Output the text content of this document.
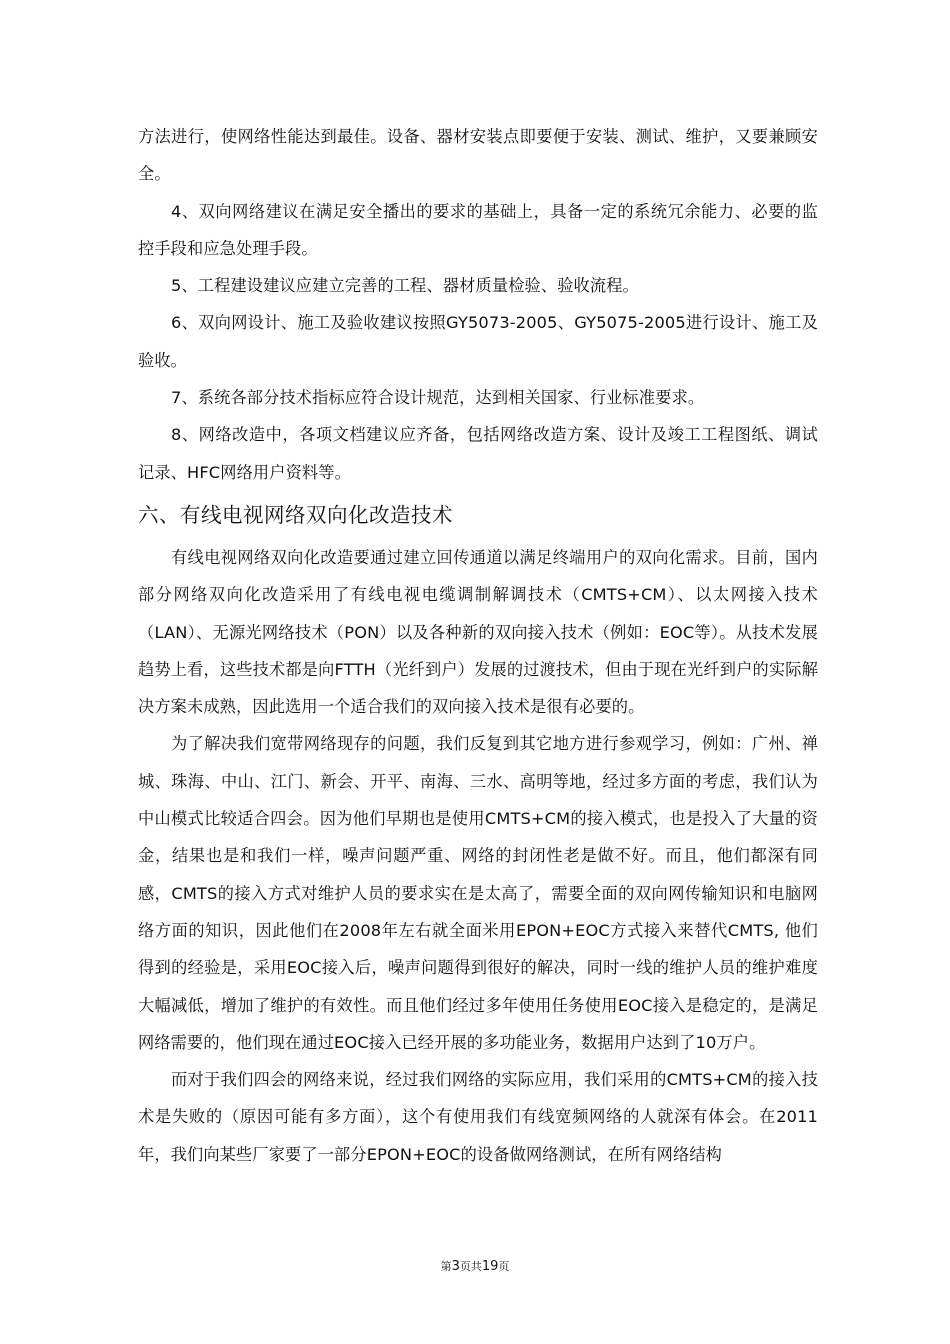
方法进行，使网络性能达到最佳。设备、器材安装点即要便于安装、测试、维护，又要兼顾安全。

4、双向网络建议在满足安全播出的要求的基础上，具备一定的系统冗余能力、必要的监控手段和应急处理手段。

5、工程建设建议应建立完善的工程、器材质量检验、验收流程。

6、双向网设计、施工及验收建议按照GY5073-2005、GY5075-2005进行设计、施工及验收。

7、系统各部分技术指标应符合设计规范，达到相关国家、行业标准要求。

8、网络改造中，各项文档建议应齐备，包括网络改造方案、设计及竣工工程图纸、调试记录、HFC网络用户资料等。

六、有线电视网络双向化改造技术

有线电视网络双向化改造要通过建立回传通道以满足终端用户的双向化需求。目前，国内部分网络双向化改造采用了有线电视电缆调制解调技术（CMTS+CM）、以太网接入技术（LAN）、无源光网络技术（PON）以及各种新的双向接入技术（例如：EOC等）。从技术发展趋势上看，这些技术都是向FTTH（光纤到户）发展的过渡技术，但由于现在光纤到户的实际解决方案未成熟，因此选用一个适合我们的双向接入技术是很有必要的。

为了解决我们宽带网络现存的问题，我们反复到其它地方进行参观学习，例如：广州、禅城、珠海、中山、江门、新会、开平、南海、三水、高明等地，经过多方面的考虑，我们认为中山模式比较适合四会。因为他们早期也是使用CMTS+CM的接入模式，也是投入了大量的资金，结果也是和我们一样，噪声问题严重、网络的封闭性老是做不好。而且，他们都深有同感，CMTS的接入方式对维护人员的要求实在是太高了，需要全面的双向网传输知识和电脑网络方面的知识，因此他们在2008年左右就全面米用EPON+EOC方式接入来替代CMTS, 他们得到的经验是，采用EOC接入后，噪声问题得到很好的解决，同时一线的维护人员的维护难度大幅减低，增加了维护的有效性。而且他们经过多年使用任务使用EOC接入是稳定的，是满足网络需要的，他们现在通过EOC接入已经开展的多功能业务，数据用户达到了10万户。

而对于我们四会的网络来说，经过我们网络的实际应用，我们采用的CMTS+CM的接入技术是失败的（原因可能有多方面），这个有使用我们有线宽频网络的人就深有体会。在2011年，我们向某些厂家要了一部分EPON+EOC的设备做网络测试，在所有网络结构

第3页共19页
